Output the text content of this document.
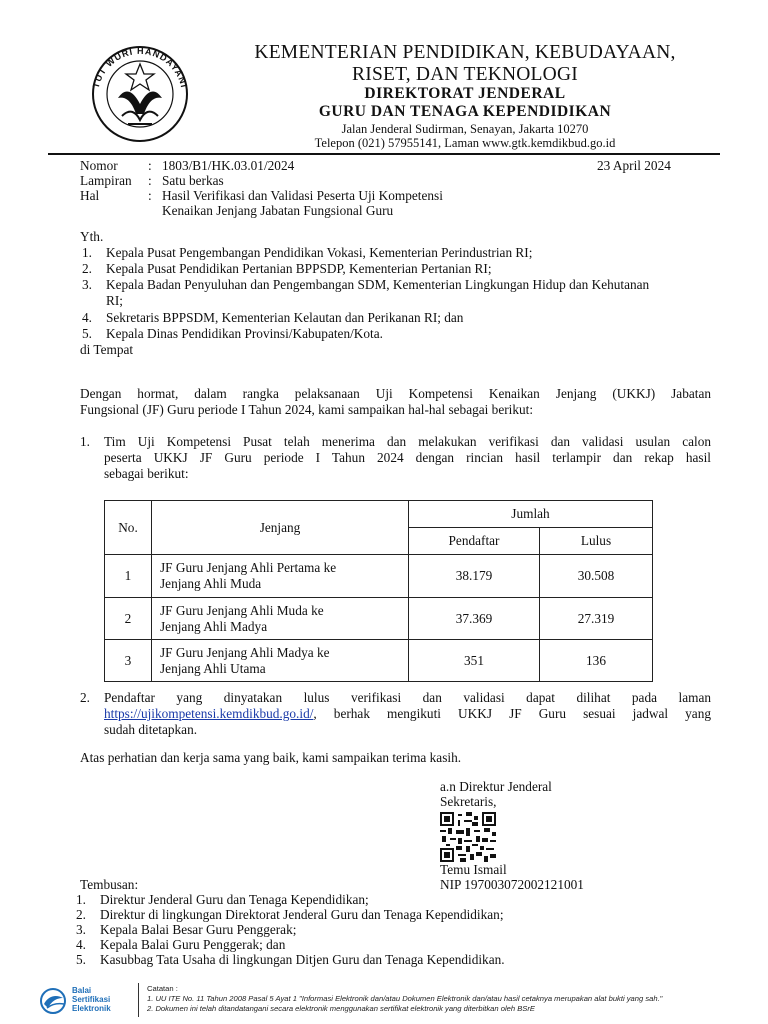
TUT WURI HANDAYANI
KEMENTERIAN PENDIDIKAN, KEBUDAYAAN,
RISET, DAN TEKNOLOGI
DIREKTORAT JENDERAL
GURU DAN TENAGA KEPENDIDIKAN
Jalan Jenderal Sudirman, Senayan, Jakarta 10270
Telepon (021) 57955141, Laman www.gtk.kemdikbud.go.id
Nomor : 1803/B1/HK.03.01/2024	23 April 2024
Lampiran : Satu berkas
Hal	: Hasil Verifikasi dan Validasi Peserta Uji Kompetensi
Kenaikan Jenjang Jabatan Fungsional Guru
Yth.
1. Kepala Pusat Pengembangan Pendidikan Vokasi, Kementerian Perindustrian RI;
2. Kepala Pusat Pendidikan Pertanian BPPSDP, Kementerian Pertanian RI;
3. Kepala Badan Penyuluhan dan Pengembangan SDM, Kementerian Lingkungan Hidup dan Kehutanan
RI;
4. Sekretaris BPPSDM, Kementerian Kelautan dan Perikanan RI; dan
5. Kepala Dinas Pendidikan Provinsi/Kabupaten/Kota.
di Tempat
Dengan hormat, dalam rangka pelaksanaan Uji Kompetensi Kenaikan Jenjang (UKKJ) Jabatan
Fungsional (JF) Guru periode I Tahun 2024, kami sampaikan hal-hal sebagai berikut:
1. Tim Uji Kompetensi Pusat telah menerima dan melakukan verifikasi dan validasi usulan calon
peserta UKKJ JF Guru periode I Tahun 2024 dengan rincian hasil terlampir dan rekap hasil
sebagai berikut:
No.	Jenjang	Jumlah	
		Pendaftar	Lulus
1	JF Guru Jenjang Ahli Pertama ke
Jenjang Ahli Muda	38.179	30.508
2	JF Guru Jenjang Ahli Muda ke
Jenjang Ahli Madya	37.369	27.319
3	JF Guru Jenjang Ahli Madya ke
Jenjang Ahli Utama	351	136
2. Pendaftar yang dinyatakan lulus verifikasi dan validasi dapat dilihat pada laman
https://ujikompetensi.kemdikbud.go.id/ , berhak mengikuti UKKJ JF Guru sesuai jadwal yang
sudah ditetapkan.
Atas perhatian dan kerja sama yang baik, kami sampaikan terima kasih.
a.n Direktur Jenderal
Sekretaris,
Temu Ismail
NIP 197003072002121001
Tembusan:
1. Direktur Jenderal Guru dan Tenaga Kependidikan;
2. Direktur di lingkungan Direktorat Jenderal Guru dan Tenaga Kependidikan;
3. Kepala Balai Besar Guru Penggerak;
4. Kepala Balai Guru Penggerak; dan
5. Kasubbag Tata Usaha di lingkungan Ditjen Guru dan Tenaga Kependidikan.
Balai
Sertifikasi
Elektronik
Catatan :
1. UU ITE No. 11 Tahun 2008 Pasal 5 Ayat 1 "Informasi Elektronik dan/atau Dokumen Elektronik dan/atau hasil cetaknya merupakan alat bukti yang sah."
2. Dokumen ini telah ditandatangani secara elektronik menggunakan sertifikat elektronik yang diterbitkan oleh BSrE
